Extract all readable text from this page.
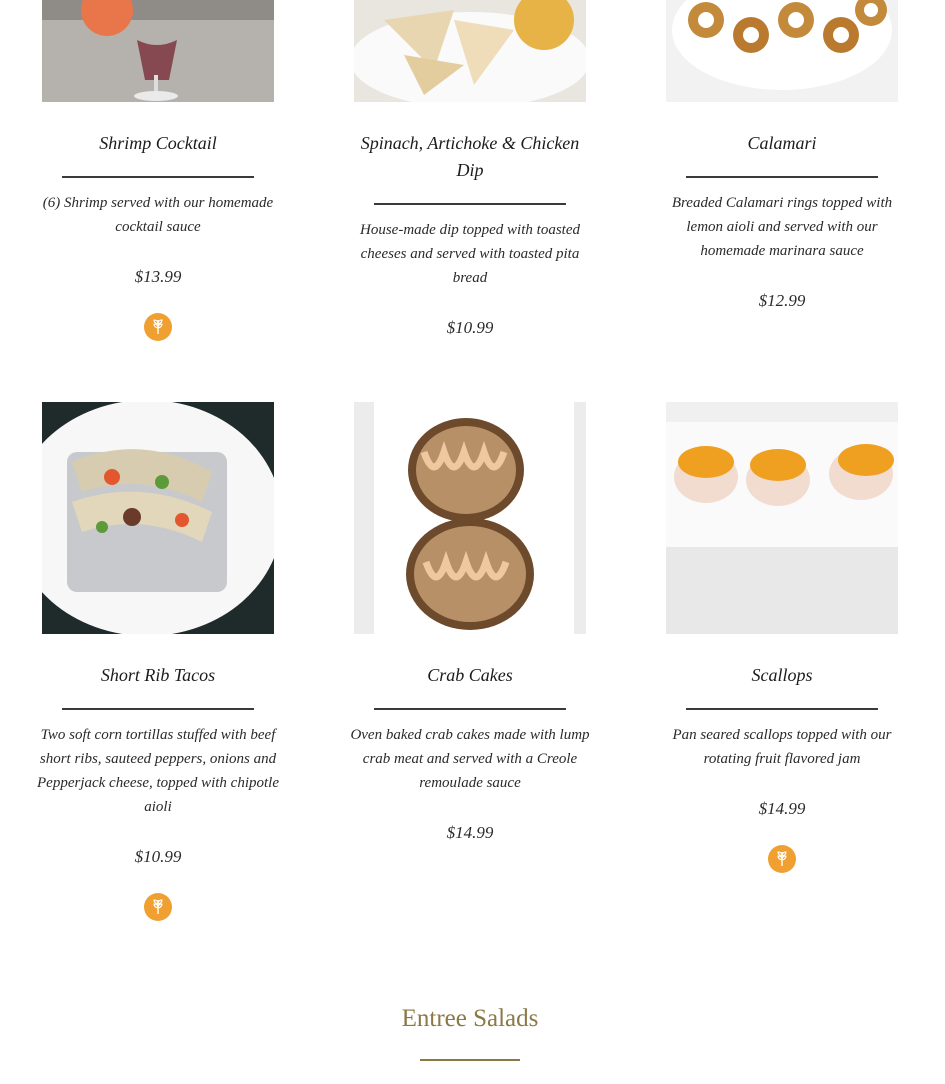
Shrimp Cocktail
(6) Shrimp served with our homemade cocktail sauce
$13.99
Spinach, Artichoke & Chicken Dip
House-made dip topped with toasted cheeses and served with toasted pita bread
$10.99
Calamari
Breaded Calamari rings topped with lemon aioli and served with our homemade marinara sauce
$12.99
Short Rib Tacos
Two soft corn tortillas stuffed with beef short ribs, sauteed peppers, onions and Pepperjack cheese, topped with chipotle aioli
$10.99
Crab Cakes
Oven baked crab cakes made with lump crab meat and served with a Creole remoulade sauce
$14.99
Scallops
Pan seared scallops topped with our rotating fruit flavored jam
$14.99
Entree Salads
